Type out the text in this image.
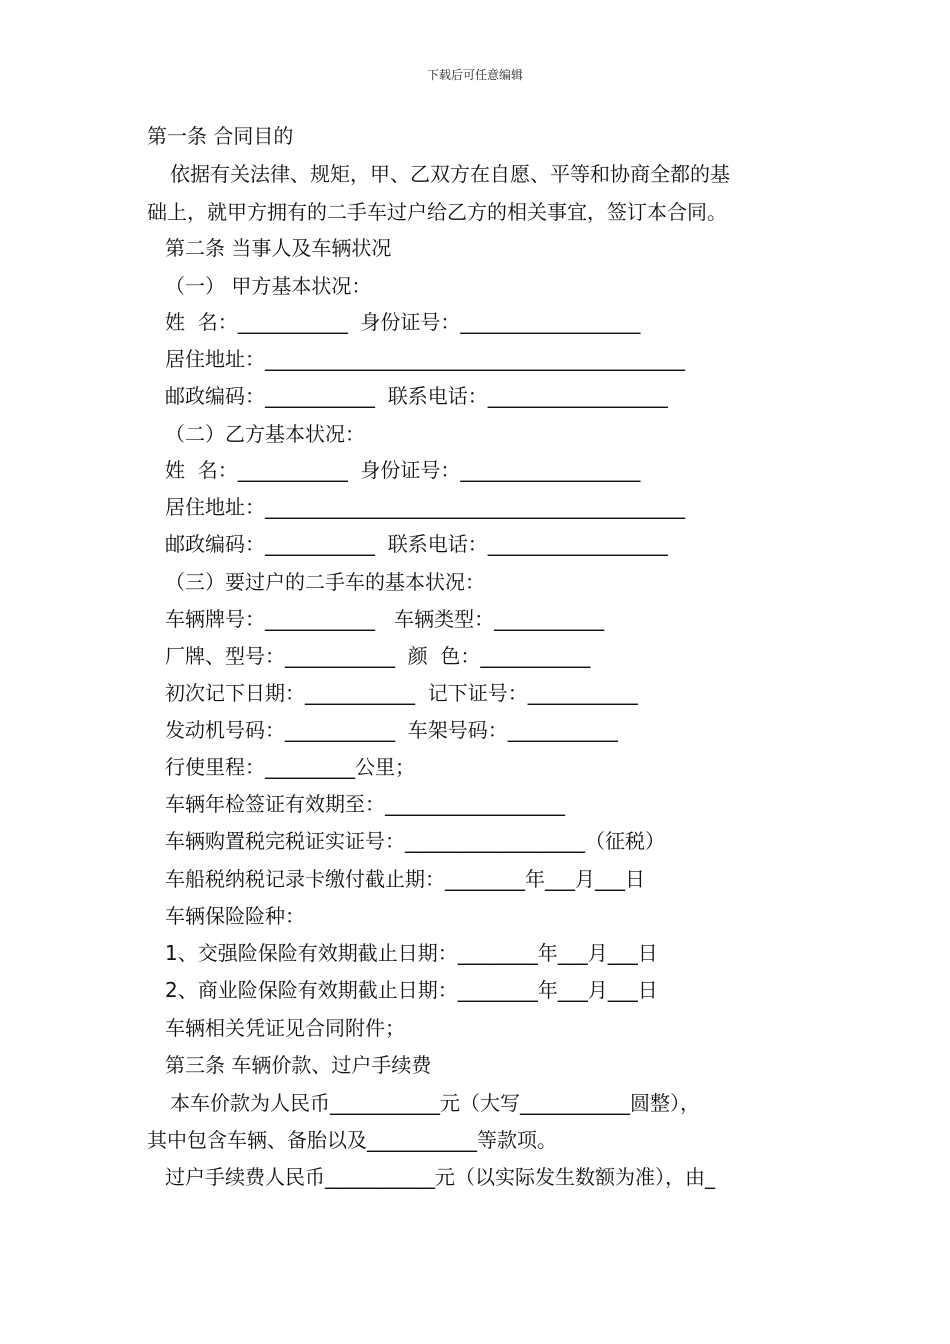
下载后可任意编辑
第一条 合同目的
依据有关法律、规矩，甲、乙双方在自愿、平等和协商全都的基
础上，就甲方拥有的二手车过户给乙方的相关事宜，签订本合同。
第二条 当事人及车辆状况
（一） 甲方基本状况：
姓  名：___________  身份证号：__________________
居住地址：__________________________________________
邮政编码：___________  联系电话：__________________
（二）乙方基本状况：
姓  名：___________  身份证号：__________________
居住地址：__________________________________________
邮政编码：___________  联系电话：__________________
（三）要过户的二手车的基本状况：
车辆牌号：___________   车辆类型：___________
厂牌、型号：___________  颜  色：___________
初次记下日期：___________  记下证号：___________
发动机号码：___________  车架号码：___________
行使里程：_________公里；
车辆年检签证有效期至：__________________
车辆购置税完税证实证号：__________________（征税）
车船税纳税记录卡缴付截止期：________年___月___日
车辆保险险种：
1、交强险保险有效期截止日期：________年___月___日
2、商业险保险有效期截止日期：________年___月___日
车辆相关凭证见合同附件；
第三条 车辆价款、过户手续费
本车价款为人民币___________元（大写___________圆整），
其中包含车辆、备胎以及___________等款项。
过户手续费人民币___________元（以实际发生数额为准），由_
